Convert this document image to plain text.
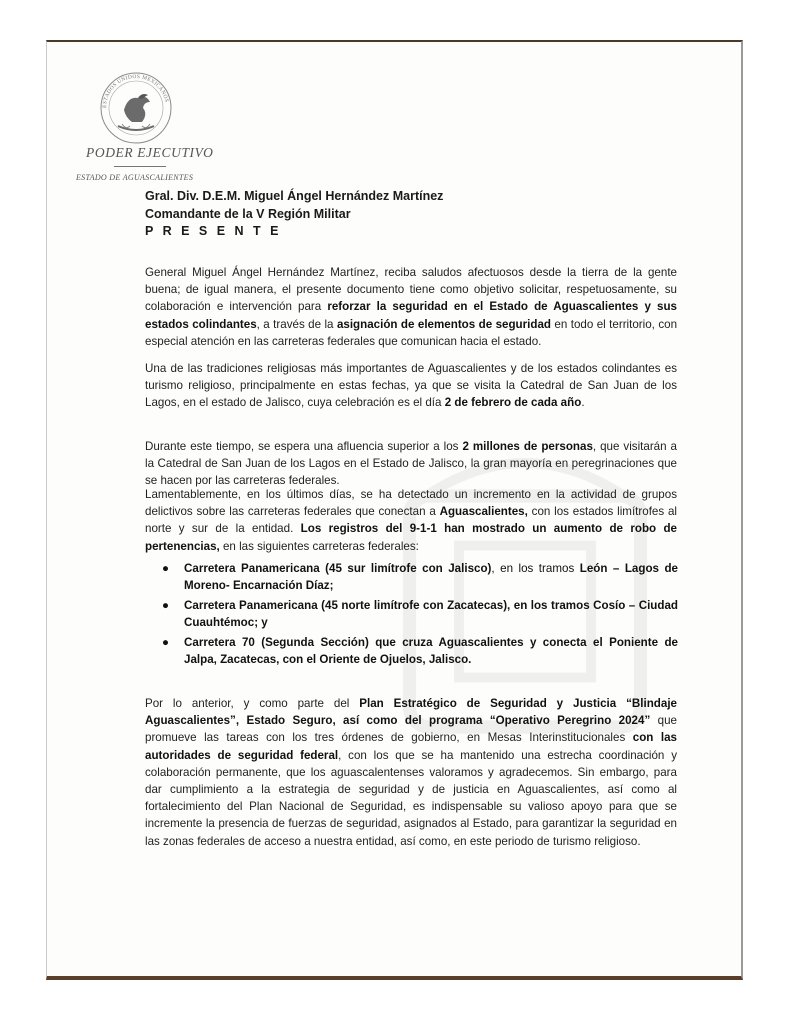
ESTADOS UNIDOS MEXICANOS
PODER EJECUTIVO
ESTADO DE AGUASCALIENTES
Gral. Div. D.E.M. Miguel Ángel Hernández Martínez
Comandante de la V Región Militar
P R E S E N T E
General Miguel Ángel Hernández Martínez, reciba saludos afectuosos desde la tierra de la gente buena; de igual manera, el presente documento tiene como objetivo solicitar, respetuosamente, su colaboración e intervención para reforzar la seguridad en el Estado de Aguascalientes y sus estados colindantes, a través de la asignación de elementos de seguridad en todo el territorio, con especial atención en las carreteras federales que comunican hacia el estado.
Una de las tradiciones religiosas más importantes de Aguascalientes y de los estados colindantes es turismo religioso, principalmente en estas fechas, ya que se visita la Catedral de San Juan de los Lagos, en el estado de Jalisco, cuya celebración es el día 2 de febrero de cada año.
Durante este tiempo, se espera una afluencia superior a los 2 millones de personas, que visitarán a la Catedral de San Juan de los Lagos en el Estado de Jalisco, la gran mayoría en peregrinaciones que se hacen por las carreteras federales.
Lamentablemente, en los últimos días, se ha detectado un incremento en la actividad de grupos delictivos sobre las carreteras federales que conectan a Aguascalientes, con los estados limítrofes al norte y sur de la entidad. Los registros del 9-1-1 han mostrado un aumento de robo de pertenencias, en las siguientes carreteras federales:
● Carretera Panamericana (45 sur limítrofe con Jalisco), en los tramos León – Lagos de Moreno- Encarnación Díaz;
● Carretera Panamericana (45 norte limítrofe con Zacatecas), en los tramos Cosío – Ciudad Cuauhtémoc; y
● Carretera 70 (Segunda Sección) que cruza Aguascalientes y conecta el Poniente de Jalpa, Zacatecas, con el Oriente de Ojuelos, Jalisco.
Por lo anterior, y como parte del Plan Estratégico de Seguridad y Justicia “Blindaje Aguascalientes”, Estado Seguro, así como del programa “Operativo Peregrino 2024” que promueve las tareas con los tres órdenes de gobierno, en Mesas Interinstitucionales con las autoridades de seguridad federal, con los que se ha mantenido una estrecha coordinación y colaboración permanente, que los aguascalentenses valoramos y agradecemos. Sin embargo, para dar cumplimiento a la estrategia de seguridad y de justicia en Aguascalientes, así como al fortalecimiento del Plan Nacional de Seguridad, es indispensable su valioso apoyo para que se incremente la presencia de fuerzas de seguridad, asignados al Estado, para garantizar la seguridad en las zonas federales de acceso a nuestra entidad, así como, en este periodo de turismo religioso.
